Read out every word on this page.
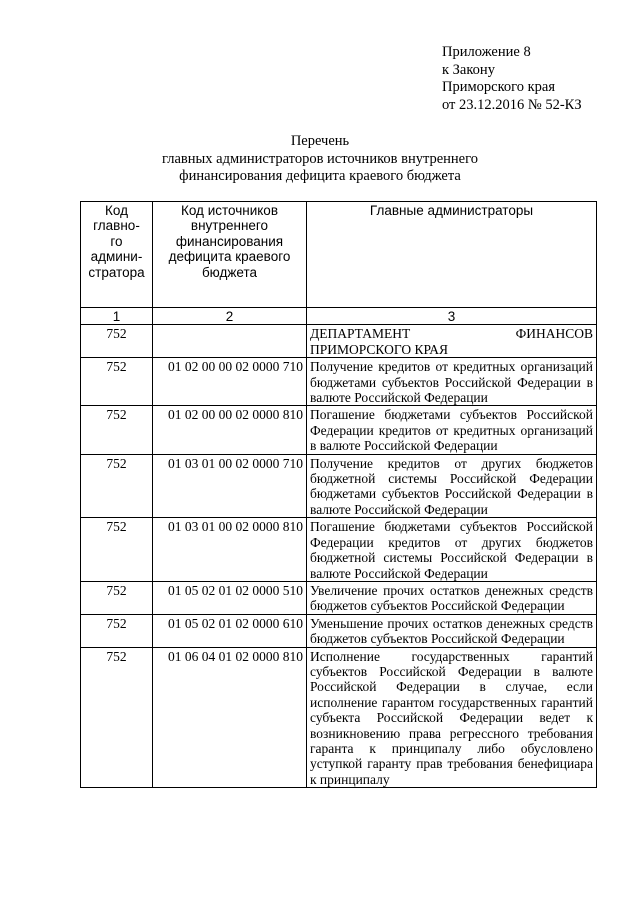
Приложение 8
к Закону
Приморского края
от 23.12.2016 № 52-КЗ
Перечень
главных администраторов источников внутреннего
финансирования дефицита краевого бюджета
Код
главно-
го
админи-
стратора	Код источников внутреннего финансирования дефицита краевого бюджета	Главные администраторы
1	2	3
752		ДЕПАРТАМЕНТ ФИНАНСОВ ПРИМОРСКОГО КРАЯ
752	01 02 00 00 02 0000 710	Получение кредитов от кредитных организаций бюджетами субъектов Российской Федерации в валюте Российской Федерации
752	01 02 00 00 02 0000 810	Погашение бюджетами субъектов Российской Федерации кредитов от кредитных организаций в валюте Российской Федерации
752	01 03 01 00 02 0000 710	Получение кредитов от других бюджетов бюджетной системы Российской Федерации бюджетами субъектов Российской Федерации в валюте Российской Федерации
752	01 03 01 00 02 0000 810	Погашение бюджетами субъектов Российской Федерации кредитов от других бюджетов бюджетной системы Российской Федерации в валюте Российской Федерации
752	01 05 02 01 02 0000 510	Увеличение прочих остатков денежных средств бюджетов субъектов Российской Федерации
752	01 05 02 01 02 0000 610	Уменьшение прочих остатков денежных средств бюджетов субъектов Российской Федерации
752	01 06 04 01 02 0000 810	Исполнение государственных гарантий субъектов Российской Федерации в валюте Российской Федерации в случае, если исполнение гарантом государственных гарантий субъекта Российской Федерации ведет к возникновению права регрессного требования гаранта к принципалу либо обусловлено уступкой гаранту прав требования бенефициара к принципалу
